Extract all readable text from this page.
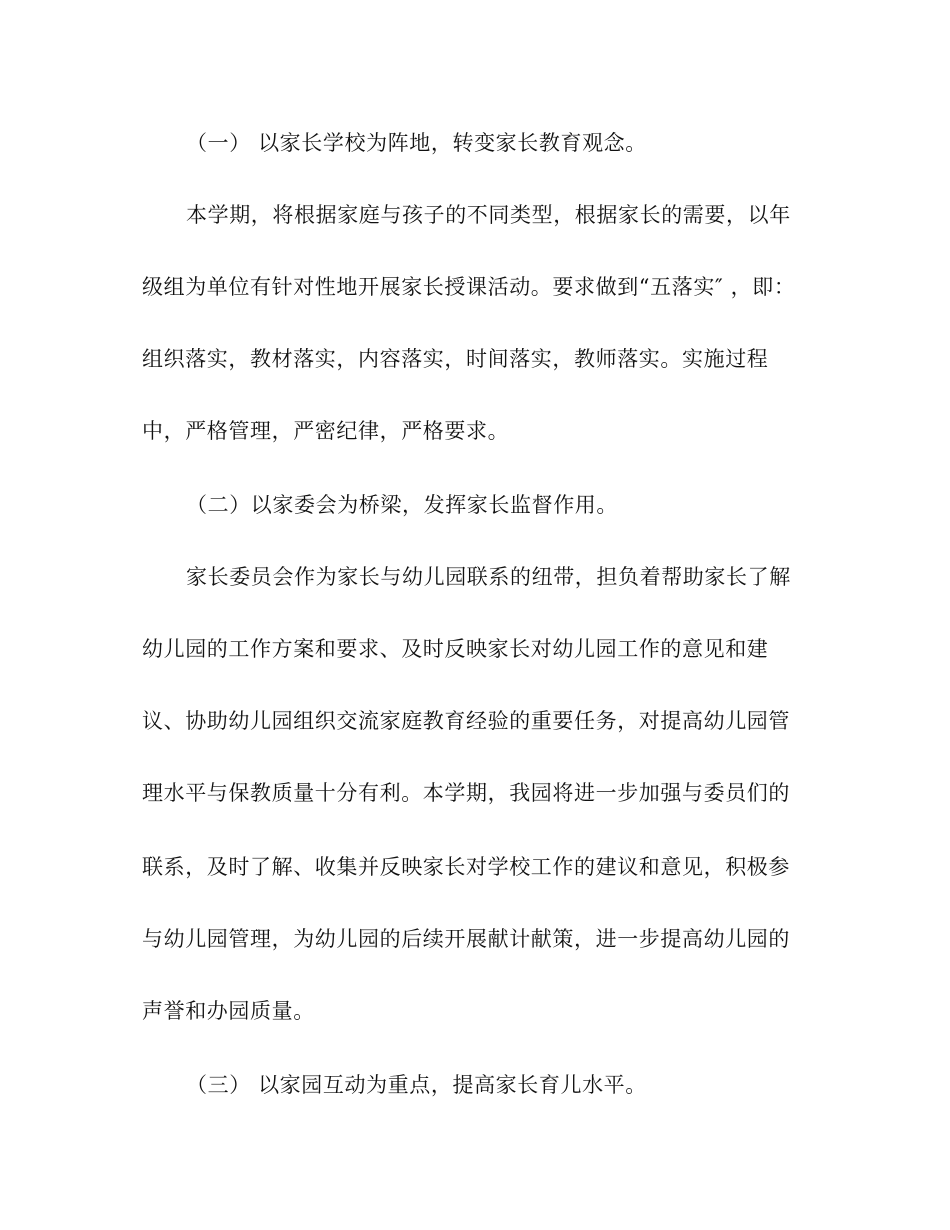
（一） 以家长学校为阵地，转变家长教育观念。
本学期，将根据家庭与孩子的不同类型，根据家长的需要，以年
级组为单位有针对性地开展家长授课活动。要求做到“五落实″ ，即：
组织落实，教材落实，内容落实，时间落实，教师落实。实施过程
中，严格管理，严密纪律，严格要求。
（二）以家委会为桥梁，发挥家长监督作用。
家长委员会作为家长与幼儿园联系的纽带，担负着帮助家长了解
幼儿园的工作方案和要求、及时反映家长对幼儿园工作的意见和建
议、协助幼儿园组织交流家庭教育经验的重要任务，对提高幼儿园管
理水平与保教质量十分有利。本学期，我园将进一步加强与委员们的
联系，及时了解、收集并反映家长对学校工作的建议和意见，积极参
与幼儿园管理，为幼儿园的后续开展献计献策，进一步提高幼儿园的
声誉和办园质量。
（三） 以家园互动为重点，提高家长育儿水平。
